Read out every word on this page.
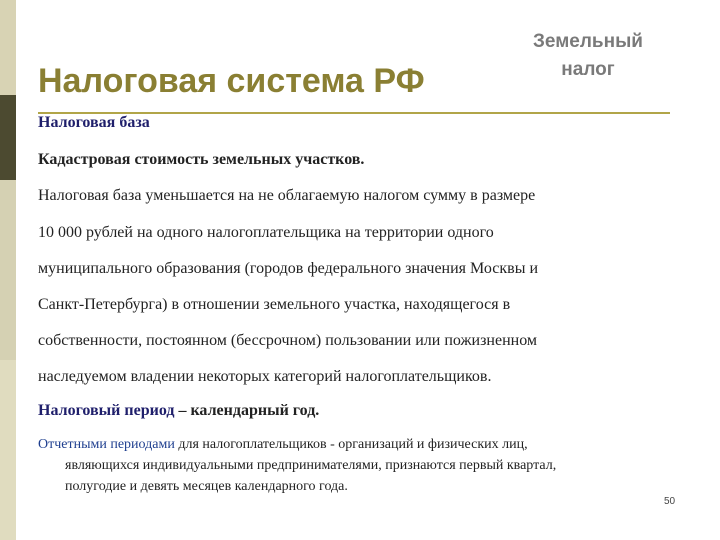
Земельный налог
Налоговая система РФ
Налоговая база
Кадастровая стоимость земельных участков.
Налоговая база уменьшается на не облагаемую налогом сумму в размере
10 000 рублей на одного налогоплательщика на территории одного
муниципального образования (городов федерального значения Москвы и
Санкт-Петербурга) в отношении земельного участка, находящегося в
собственности, постоянном (бессрочном) пользовании или пожизненном
наследуемом владении некоторых категорий налогоплательщиков.
Налоговый период – календарный год.
Отчетными периодами для налогоплательщиков - организаций и физических лиц,
являющихся индивидуальными предпринимателями, признаются первый квартал,
полугодие и девять месяцев календарного года.
50
